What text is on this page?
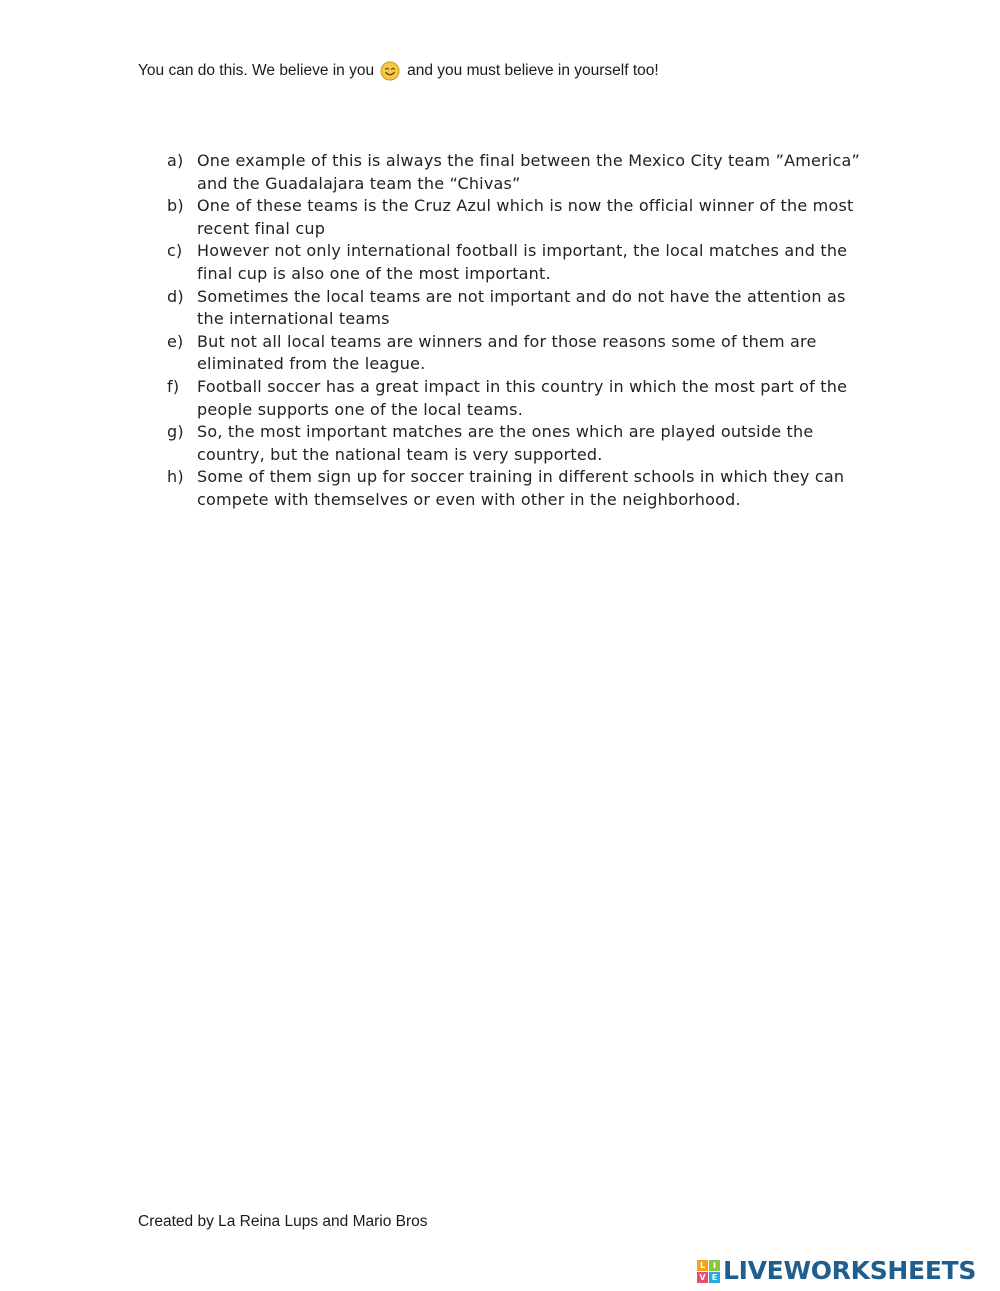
You can do this. We believe in you and you must believe in yourself too!
a) One example of this is always the final between the Mexico City team ”America” and the Guadalajara team the “Chivas”
b) One of these teams is the Cruz Azul which is now the official winner of the most recent final cup
c) However not only international football is important, the local matches and the final cup is also one of the most important.
d) Sometimes the local teams are not important and do not have the attention as the international teams
e) But not all local teams are winners and for those reasons some of them are eliminated from the league.
f)	Football soccer has a great impact in this country in which the most part of the people supports one of the local teams.
g) So, the most important matches are the ones which are played outside the country, but the national team is very supported.
h) Some of them sign up for soccer training in different schools in which they can compete with themselves or even with other in the neighborhood.
Created by La Reina Lups and Mario Bros
L I
V E LIVEWORKSHEETS
